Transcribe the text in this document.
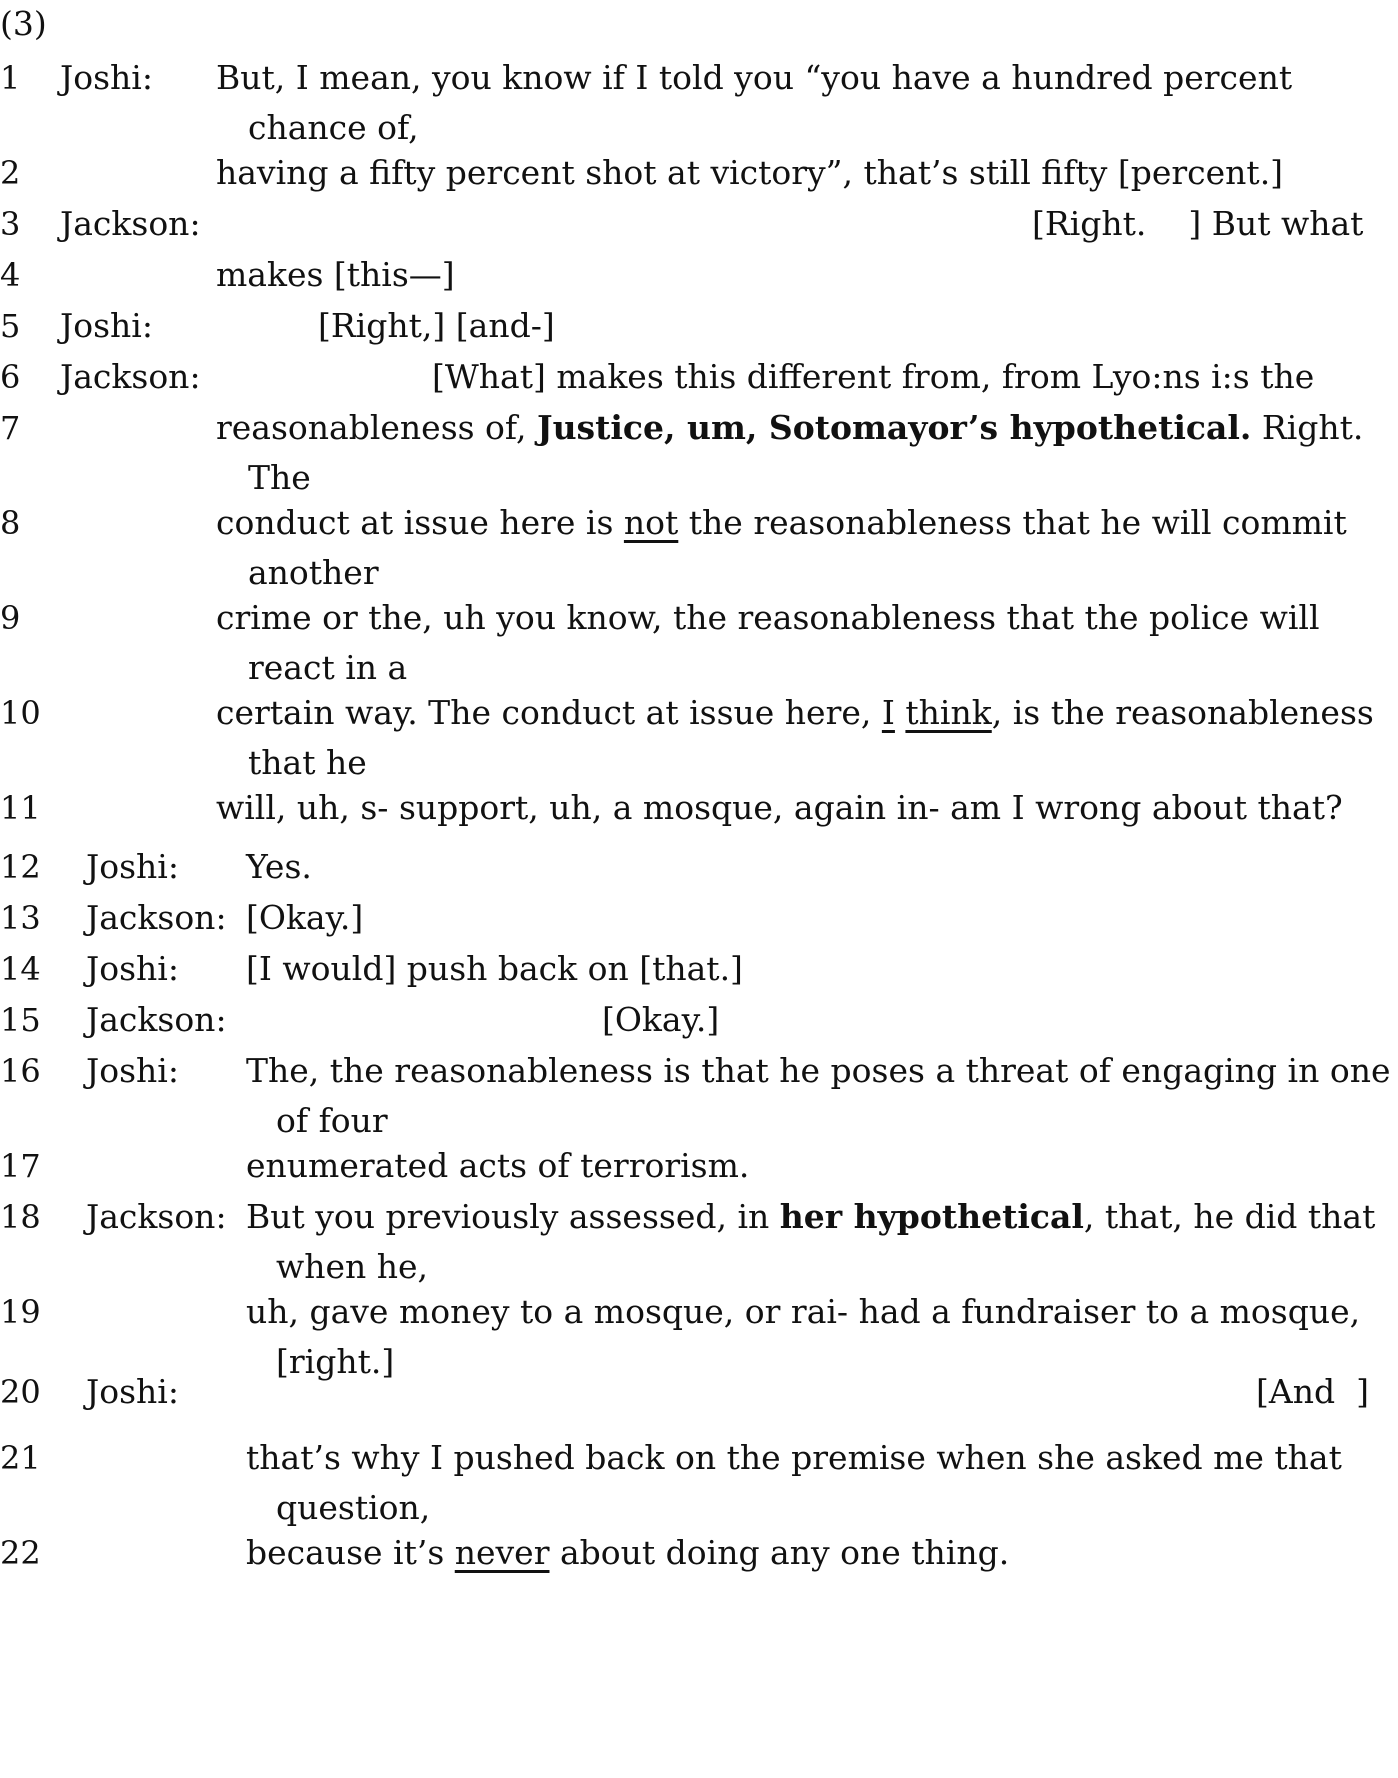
(3)
1 Joshi: But, I mean, you know if I told you “you have a hundred percent
chance of,
2	having a fifty percent shot at victory”, that’s still fifty [percent.]
3 Jackson:	[Right.    ] But what
4	makes [this—]
5 Joshi:	[Right,] [and-]
6 Jackson:	[What] makes this different from, from Lyo:ns i:s the
7	reasonableness of, Justice, um, Sotomayor’s hypothetical. Right.
The
8	conduct at issue here is not the reasonableness that he will commit
another
9	crime or the, uh you know, the reasonableness that the police will
react in a
10	certain way. The conduct at issue here, I think, is the reasonableness
that he
11	will, uh, s- support, uh, a mosque, again in- am I wrong about that?
12 Joshi: Yes.
13 Jackson: [Okay.]
14 Joshi: [I would] push back on [that.]
15 Jackson:	[Okay.]
16 Joshi: The, the reasonableness is that he poses a threat of engaging in one
of four
17	enumerated acts of terrorism.
18 Jackson: But you previously assessed, in her hypothetical, that, he did that
when he,
19	uh, gave money to a mosque, or rai- had a fundraiser to a mosque,
[right.]
20 Joshi:	[And  ]
21	that’s why I pushed back on the premise when she asked me that
question,
22	because it’s never about doing any one thing.
